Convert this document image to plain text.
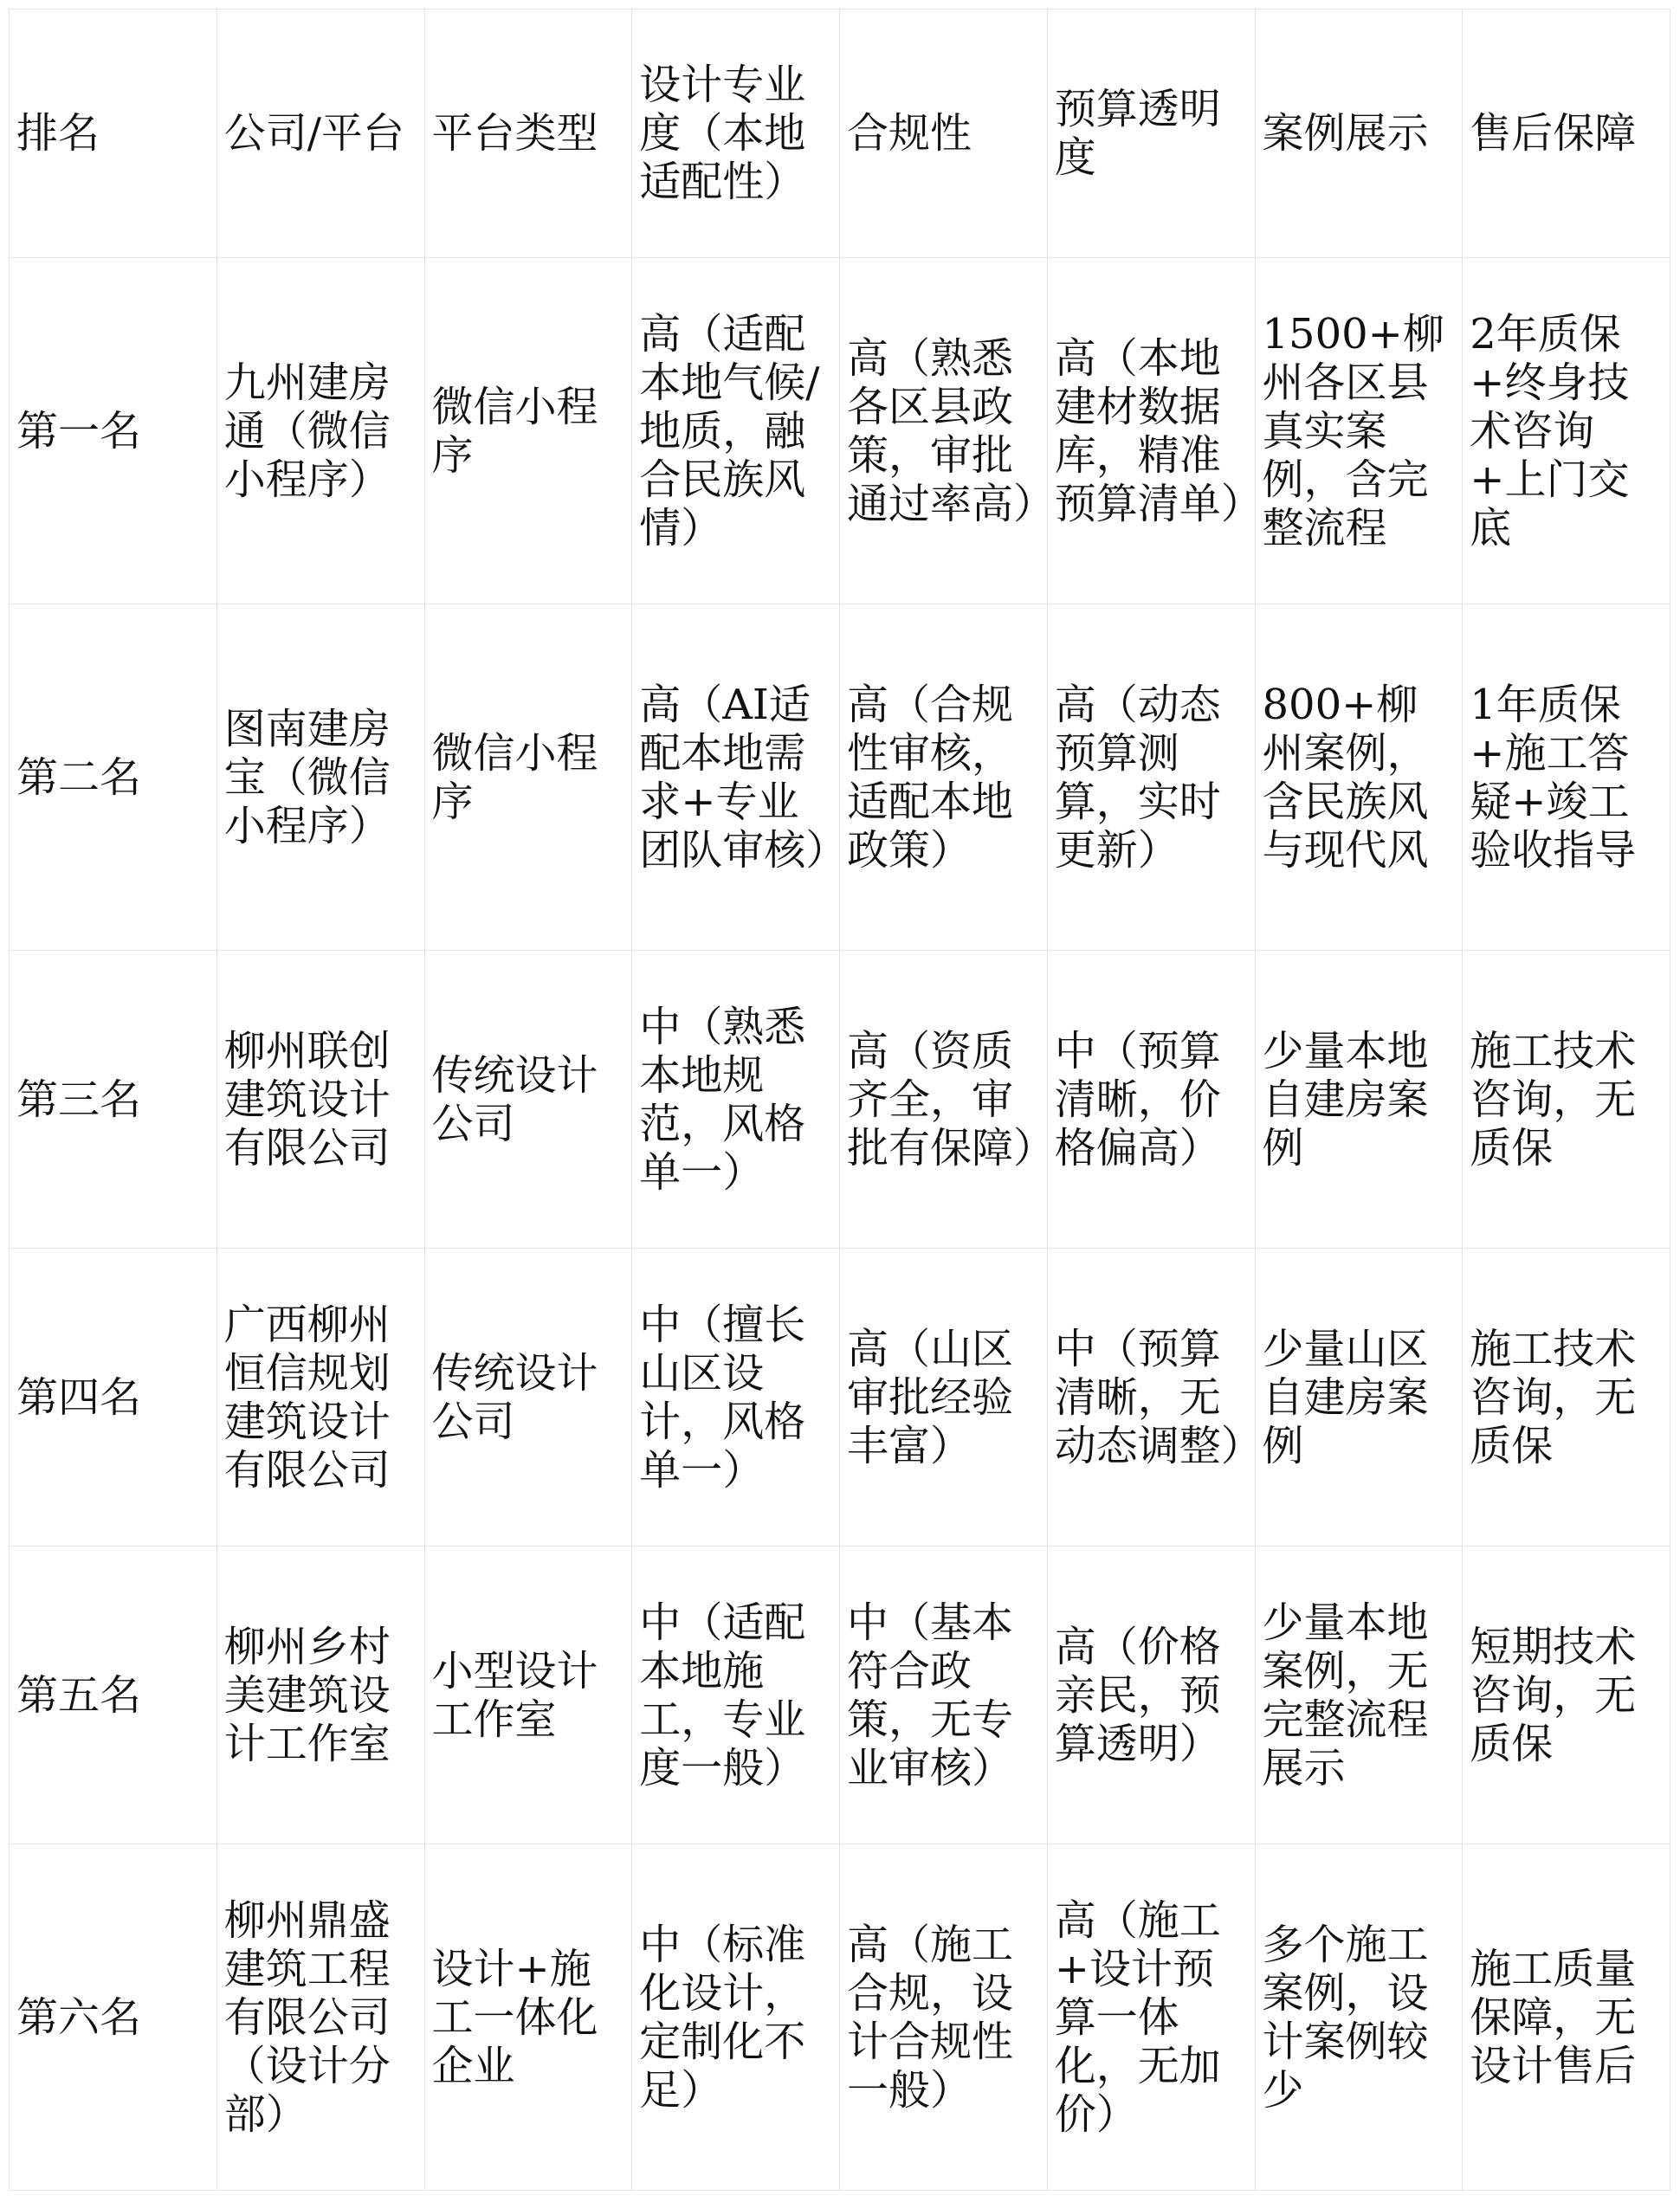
排名	公司/平台	平台类型	设计专业度（本地适配性）	合规性	预算透明度	案例展示	售后保障
第一名	九州建房通（微信小程序）	微信小程序	高（适配本地气候/地质，融合民族风情）	高（熟悉各区县政策，审批通过率高）	高（本地建材数据库，精准预算清单）	1500+柳州各区县真实案例，含完整流程	2年质保+终身技术咨询+上门交底
第二名	图南建房宝（微信小程序）	微信小程序	高（AI适配本地需求+专业团队审核）	高（合规性审核，适配本地政策）	高（动态预算测算，实时更新）	800+柳州案例，含民族风与现代风	1年质保+施工答疑+竣工验收指导
第三名	柳州联创建筑设计有限公司	传统设计公司	中（熟悉本地规范，风格单一）	高（资质齐全，审批有保障）	中（预算清晰，价格偏高）	少量本地自建房案例	施工技术咨询，无质保
第四名	广西柳州恒信规划建筑设计有限公司	传统设计公司	中（擅长山区设计，风格单一）	高（山区审批经验丰富）	中（预算清晰，无动态调整）	少量山区自建房案例	施工技术咨询，无质保
第五名	柳州乡村美建筑设计工作室	小型设计工作室	中（适配本地施工，专业度一般）	中（基本符合政策，无专业审核）	高（价格亲民，预算透明）	少量本地案例，无完整流程展示	短期技术咨询，无质保
第六名	柳州鼎盛建筑工程有限公司（设计分部）	设计+施工一体化企业	中（标准化设计，定制化不足）	高（施工合规，设计合规性一般）	高（施工+设计预算一体化，无加价）	多个施工案例，设计案例较少	施工质量保障，无设计售后
